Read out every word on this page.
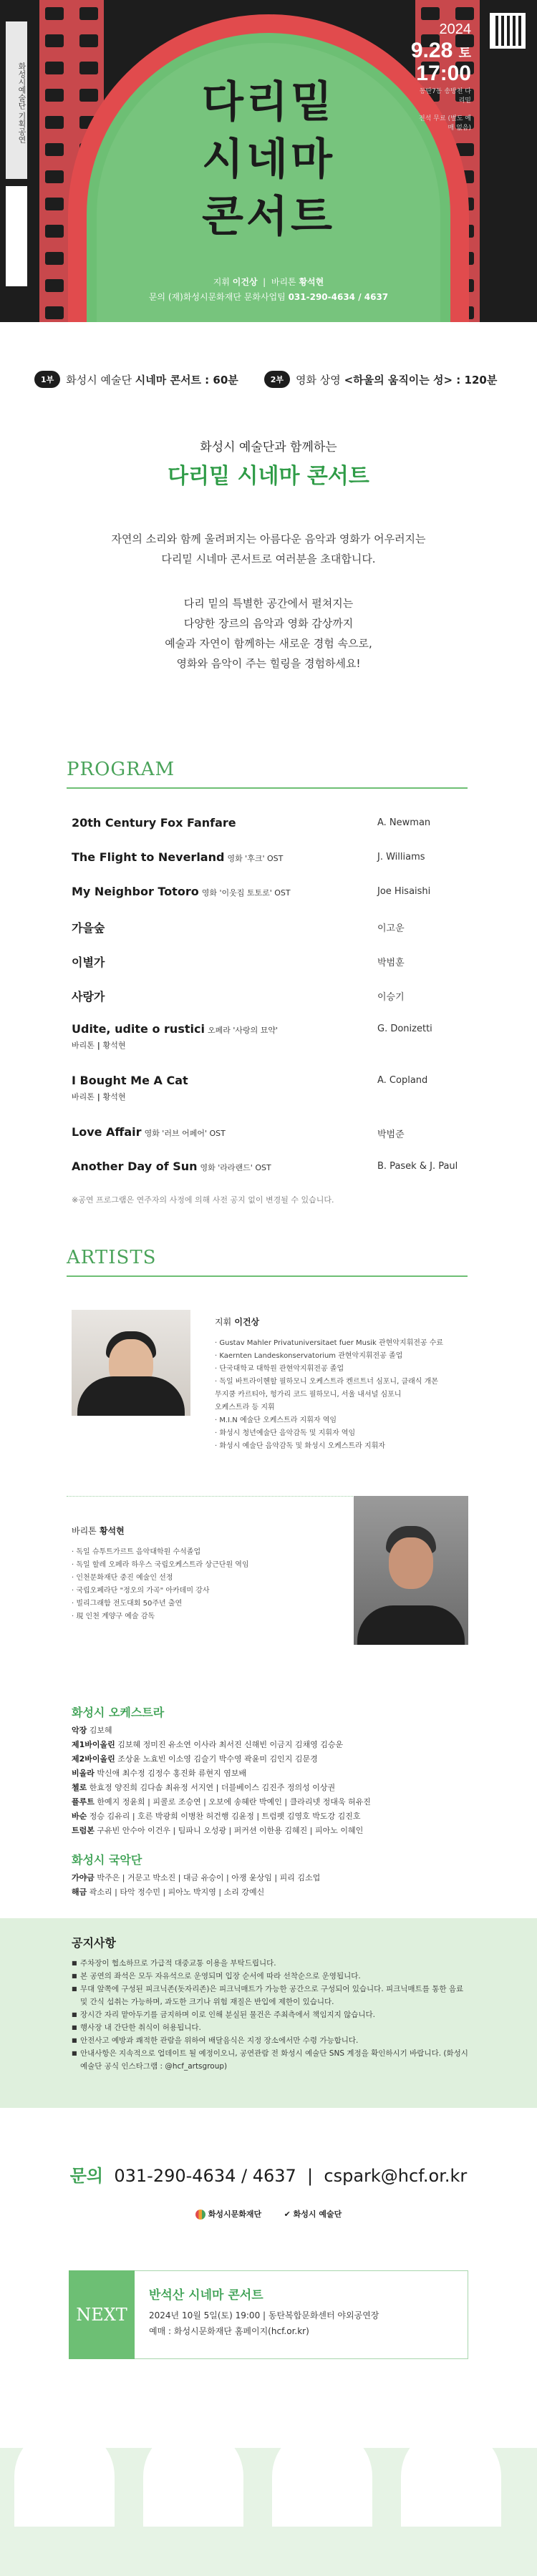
화성시예술단 기획공연	다리밑
시네마
콘서트
2024
9.28 토
17:00
동탄7동 송방천 다리밑
전석 무료 (별도 예매 없음)
지휘 이건상  |  바리톤 황석현
문의 (재)화성시문화재단 문화사업팀 031-290-4634 / 4637
1부	화성시 예술단
시네마 콘서트 : 60분	2부	영화 상영
<하울의 움직이는 성> : 120분
화성시 예술단과 함께하는
다리밑 시네마 콘서트
자연의 소리와 함께 울려퍼지는 아름다운 음악과 영화가 어우러지는
다리밑 시네마 콘서트로 여러분을 초대합니다.
다리 밑의 특별한 공간에서 펼쳐지는
다양한 장르의 음악과 영화 감상까지
예술과 자연이 함께하는 새로운 경험 속으로,
영화와 음악이 주는 힐링을 경험하세요!
PROGRAM
20th Century Fox Fanfare	A. Newman
The Flight to Neverland 영화 '후크' OST	J. Williams
My Neighbor Totoro 영화 '이웃집 토토로' OST	Joe Hisaishi
가을숲	이고운
이별가	박범훈
사랑가	이승기
Udite, udite o rustici 오페라 '사랑의 묘약'
바리톤 | 황석현
G. Donizetti
I Bought Me A Cat
바리톤 | 황석현
A. Copland
Love Affair 영화 '러브 어페어' OST	박범준
Another Day of Sun 영화 '라라랜드' OST	B. Pasek & J. Paul
※공연 프로그램은 연주자의 사정에 의해 사전 공지 없이 변경될 수 있습니다.
ARTISTS
지휘 이건상
· Gustav Mahler Privatuniversitaet fuer Musik 관현악지휘전공 수료
· Kaernten Landeskonservatorium 관현악지휘전공 졸업
· 단국대학교 대학원 관현악지휘전공 졸업
· 독일 바트라이헨할 필하모니 오케스트라 켄르트너 심포니, 클래식 개몬
무지쿰 카르티아, 헝가리 코드 필하모니, 서울 내셔널 심포니
오케스트라 등 지휘
· M.I.N 예술단 오케스트라 지휘자 역임
· 화성시 청년예술단 음악감독 및 지휘자 역임
· 화성시 예술단 음악감독 및 화성시 오케스트라 지휘자
바리톤 황석현
· 독일 슈투트가르트 음악대학원 수석졸업
· 독일 할레 오페라 하우스 국립오케스트라 상근단원 역임
· 인천문화재단 중진 예술인 선정
· 국립오페라단 "정오의 가곡" 아카데미 강사
· 빌리그래함 전도대회 50주년 출연
· 現 인천 계양구 예술 감독
화성시 오케스트라
악장 김보혜
제1바이올린 김보혜 정미진 유소연 이사라 최서진 신해빈 이금지 김채영 김승운
제2바이올린 조상윤 노효빈 이소영 김슬기 박수영 곽윤미 김인지 김문경
비올라 박신애 최수정 김정수 홍진화 류현지 염보배
첼로 한효정 양진희 김다솜 최유정 서지연 | 더블베이스 김진주 정의성 이상권
플루트 한예지 정윤희 | 피콜로 조승연 | 오보에 송혜란 박예인 | 클라리넷 정대욱 허유진
바순 정승 김유리 | 호른 박광희 이병찬 허건행 김윤정 | 트럼펫 김영호 박도강 김진호
트럼본 구유빈 안수아 이건우 | 팀파니 오성광 | 퍼커션 이한용 김혜진 | 피아노 이혜인
화성시 국악단
가야금 박주은 | 거문고 박소진 | 대금 유승이 | 아쟁 윤상임 | 피리 김소업
해금 곽소리 | 타악 정수민 | 피아노 박지영 | 소리 강예신
공지사항
■ 주차장이 협소하므로 가급적 대중교통 이용을 부탁드립니다.
■ 본 공연의 좌석은 모두 자유석으로 운영되며 입장 순서에 따라 선착순으로 운영됩니다.
■ 무대 앞쪽에 구성된 피크닉존(돗자리존)은 피크닉매트가 가능한 공간으로 구성되어 있습니다. 피크닉매트를 통한 음료 및 간식 섭취는 가능하며, 과도한 크기나 위험 재질은 반입에 제한이 있습니다.
■ 장시간 자리 맡아두기를 금지하며 이로 인해 분실된 물건은 주최측에서 책임지지 않습니다.
■ 행사장 내 간단한 취식이 허용됩니다.
■ 안전사고 예방과 쾌적한 관람을 위하여 배달음식은 지정 장소에서만 수령 가능합니다.
■ 안내사항은 지속적으로 업데이트 될 예정이오니, 공연관람 전 화성시 예술단 SNS 계정을 확인하시기 바랍니다. (화성시 예술단 공식 인스타그램 : @hcf_artsgroup)
문의 031-290-4634 / 4637  |  cspark@hcf.or.kr
화성시문화재단	✔ 화성시 예술단
NEXT
반석산 시네마 콘서트
2024년 10월 5일(토) 19:00 | 동탄복합문화센터 야외공연장
예매 : 화성시문화재단 홈페이지(hcf.or.kr)
